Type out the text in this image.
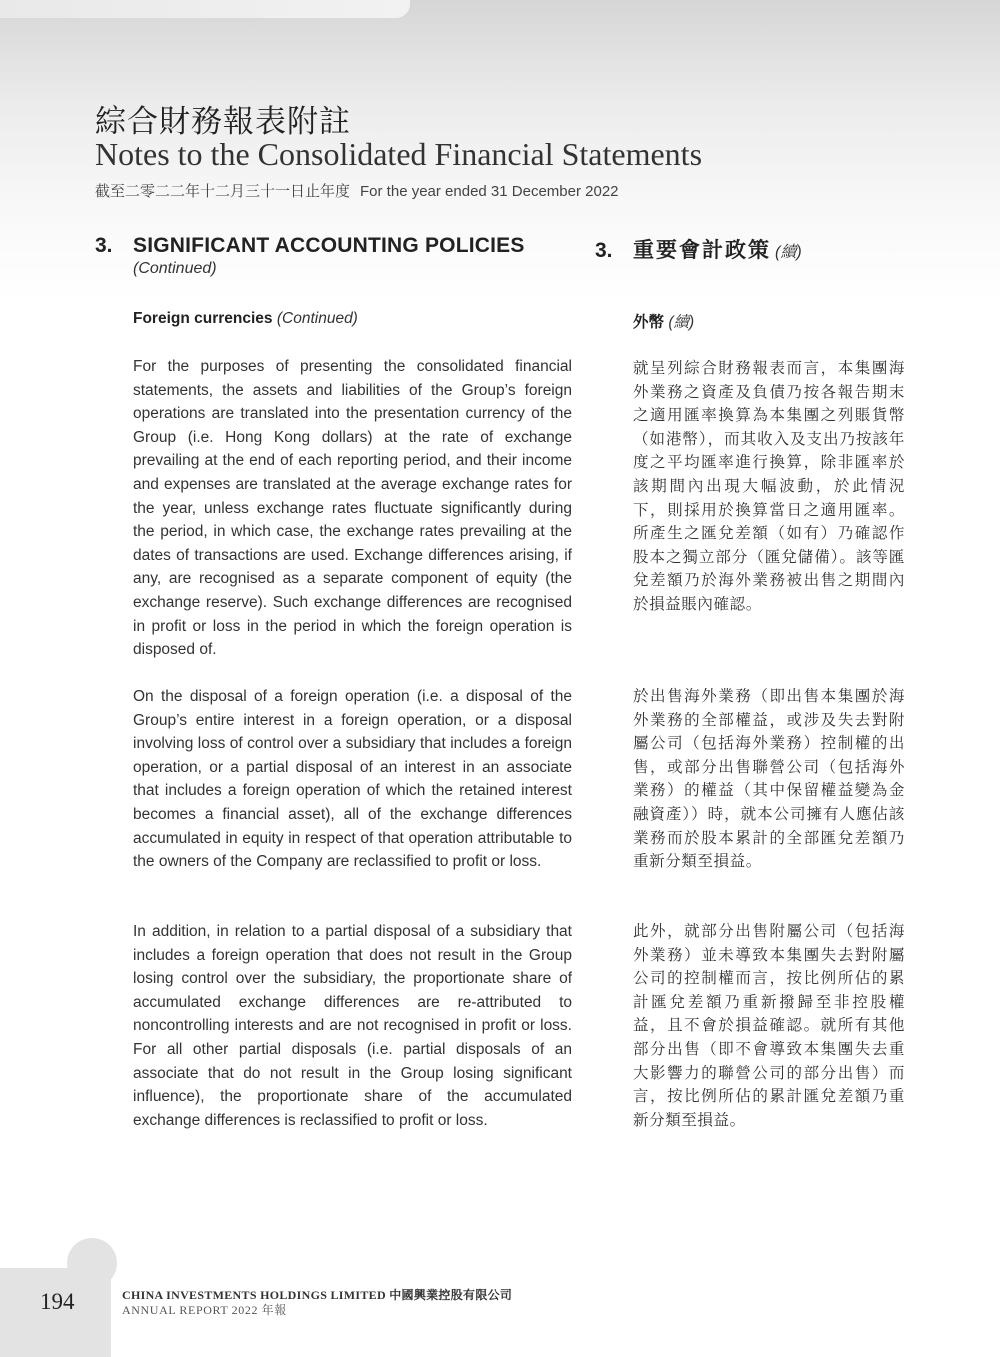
綜合財務報表附註
Notes to the Consolidated Financial Statements
截至二零二二年十二月三十一日止年度 For the year ended 31 December 2022
3. SIGNIFICANT ACCOUNTING POLICIES
(Continued)
Foreign currencies (Continued)

For the purposes of presenting the consolidated financial statements, the assets and liabilities of the Group’s foreign operations are translated into the presentation currency of the Group (i.e. Hong Kong dollars) at the rate of exchange prevailing at the end of each reporting period, and their income and expenses are translated at the average exchange rates for the year, unless exchange rates fluctuate significantly during the period, in which case, the exchange rates prevailing at the dates of transactions are used. Exchange differences arising, if any, are recognised as a separate component of equity (the exchange reserve). Such exchange differences are recognised in profit or loss in the period in which the foreign operation is disposed of.

On the disposal of a foreign operation (i.e. a disposal of the Group’s entire interest in a foreign operation, or a disposal involving loss of control over a subsidiary that includes a foreign operation, or a partial disposal of an interest in an associate that includes a foreign operation of which the retained interest becomes a financial asset), all of the exchange differences accumulated in equity in respect of that operation attributable to the owners of the Company are reclassified to profit or loss.

In addition, in relation to a partial disposal of a subsidiary that includes a foreign operation that does not result in the Group losing control over the subsidiary, the proportionate share of accumulated exchange differences are re-attributed to noncontrolling interests and are not recognised in profit or loss. For all other partial disposals (i.e. partial disposals of an associate that do not result in the Group losing significant influence), the proportionate share of the accumulated exchange differences is reclassified to profit or loss.

3. 重要會計政策 (續)
外幣 (續)

就呈列綜合財務報表而言，本集團海外業務之資產及負債乃按各報告期末之適用匯率換算為本集團之列賬貨幣（如港幣），而其收入及支出乃按該年度之平均匯率進行換算，除非匯率於該期間內出現大幅波動，於此情況下，則採用於換算當日之適用匯率。所產生之匯兌差額（如有）乃確認作股本之獨立部分（匯兌儲備）。該等匯兌差額乃於海外業務被出售之期間內於損益賬內確認。

於出售海外業務（即出售本集團於海外業務的全部權益，或涉及失去對附屬公司（包括海外業務）控制權的出售，或部分出售聯營公司（包括海外業務）的權益（其中保留權益變為金融資產））時，就本公司擁有人應佔該業務而於股本累計的全部匯兌差額乃重新分類至損益。

此外，就部分出售附屬公司（包括海外業務）並未導致本集團失去對附屬公司的控制權而言，按比例所佔的累計匯兌差額乃重新撥歸至非控股權益，且不會於損益確認。就所有其他部分出售（即不會導致本集團失去重大影響力的聯營公司的部分出售）而言，按比例所佔的累計匯兌差額乃重新分類至損益。

194	CHINA INVESTMENTS HOLDINGS LIMITED 中國興業控股有限公司
ANNUAL REPORT 2022 年報
